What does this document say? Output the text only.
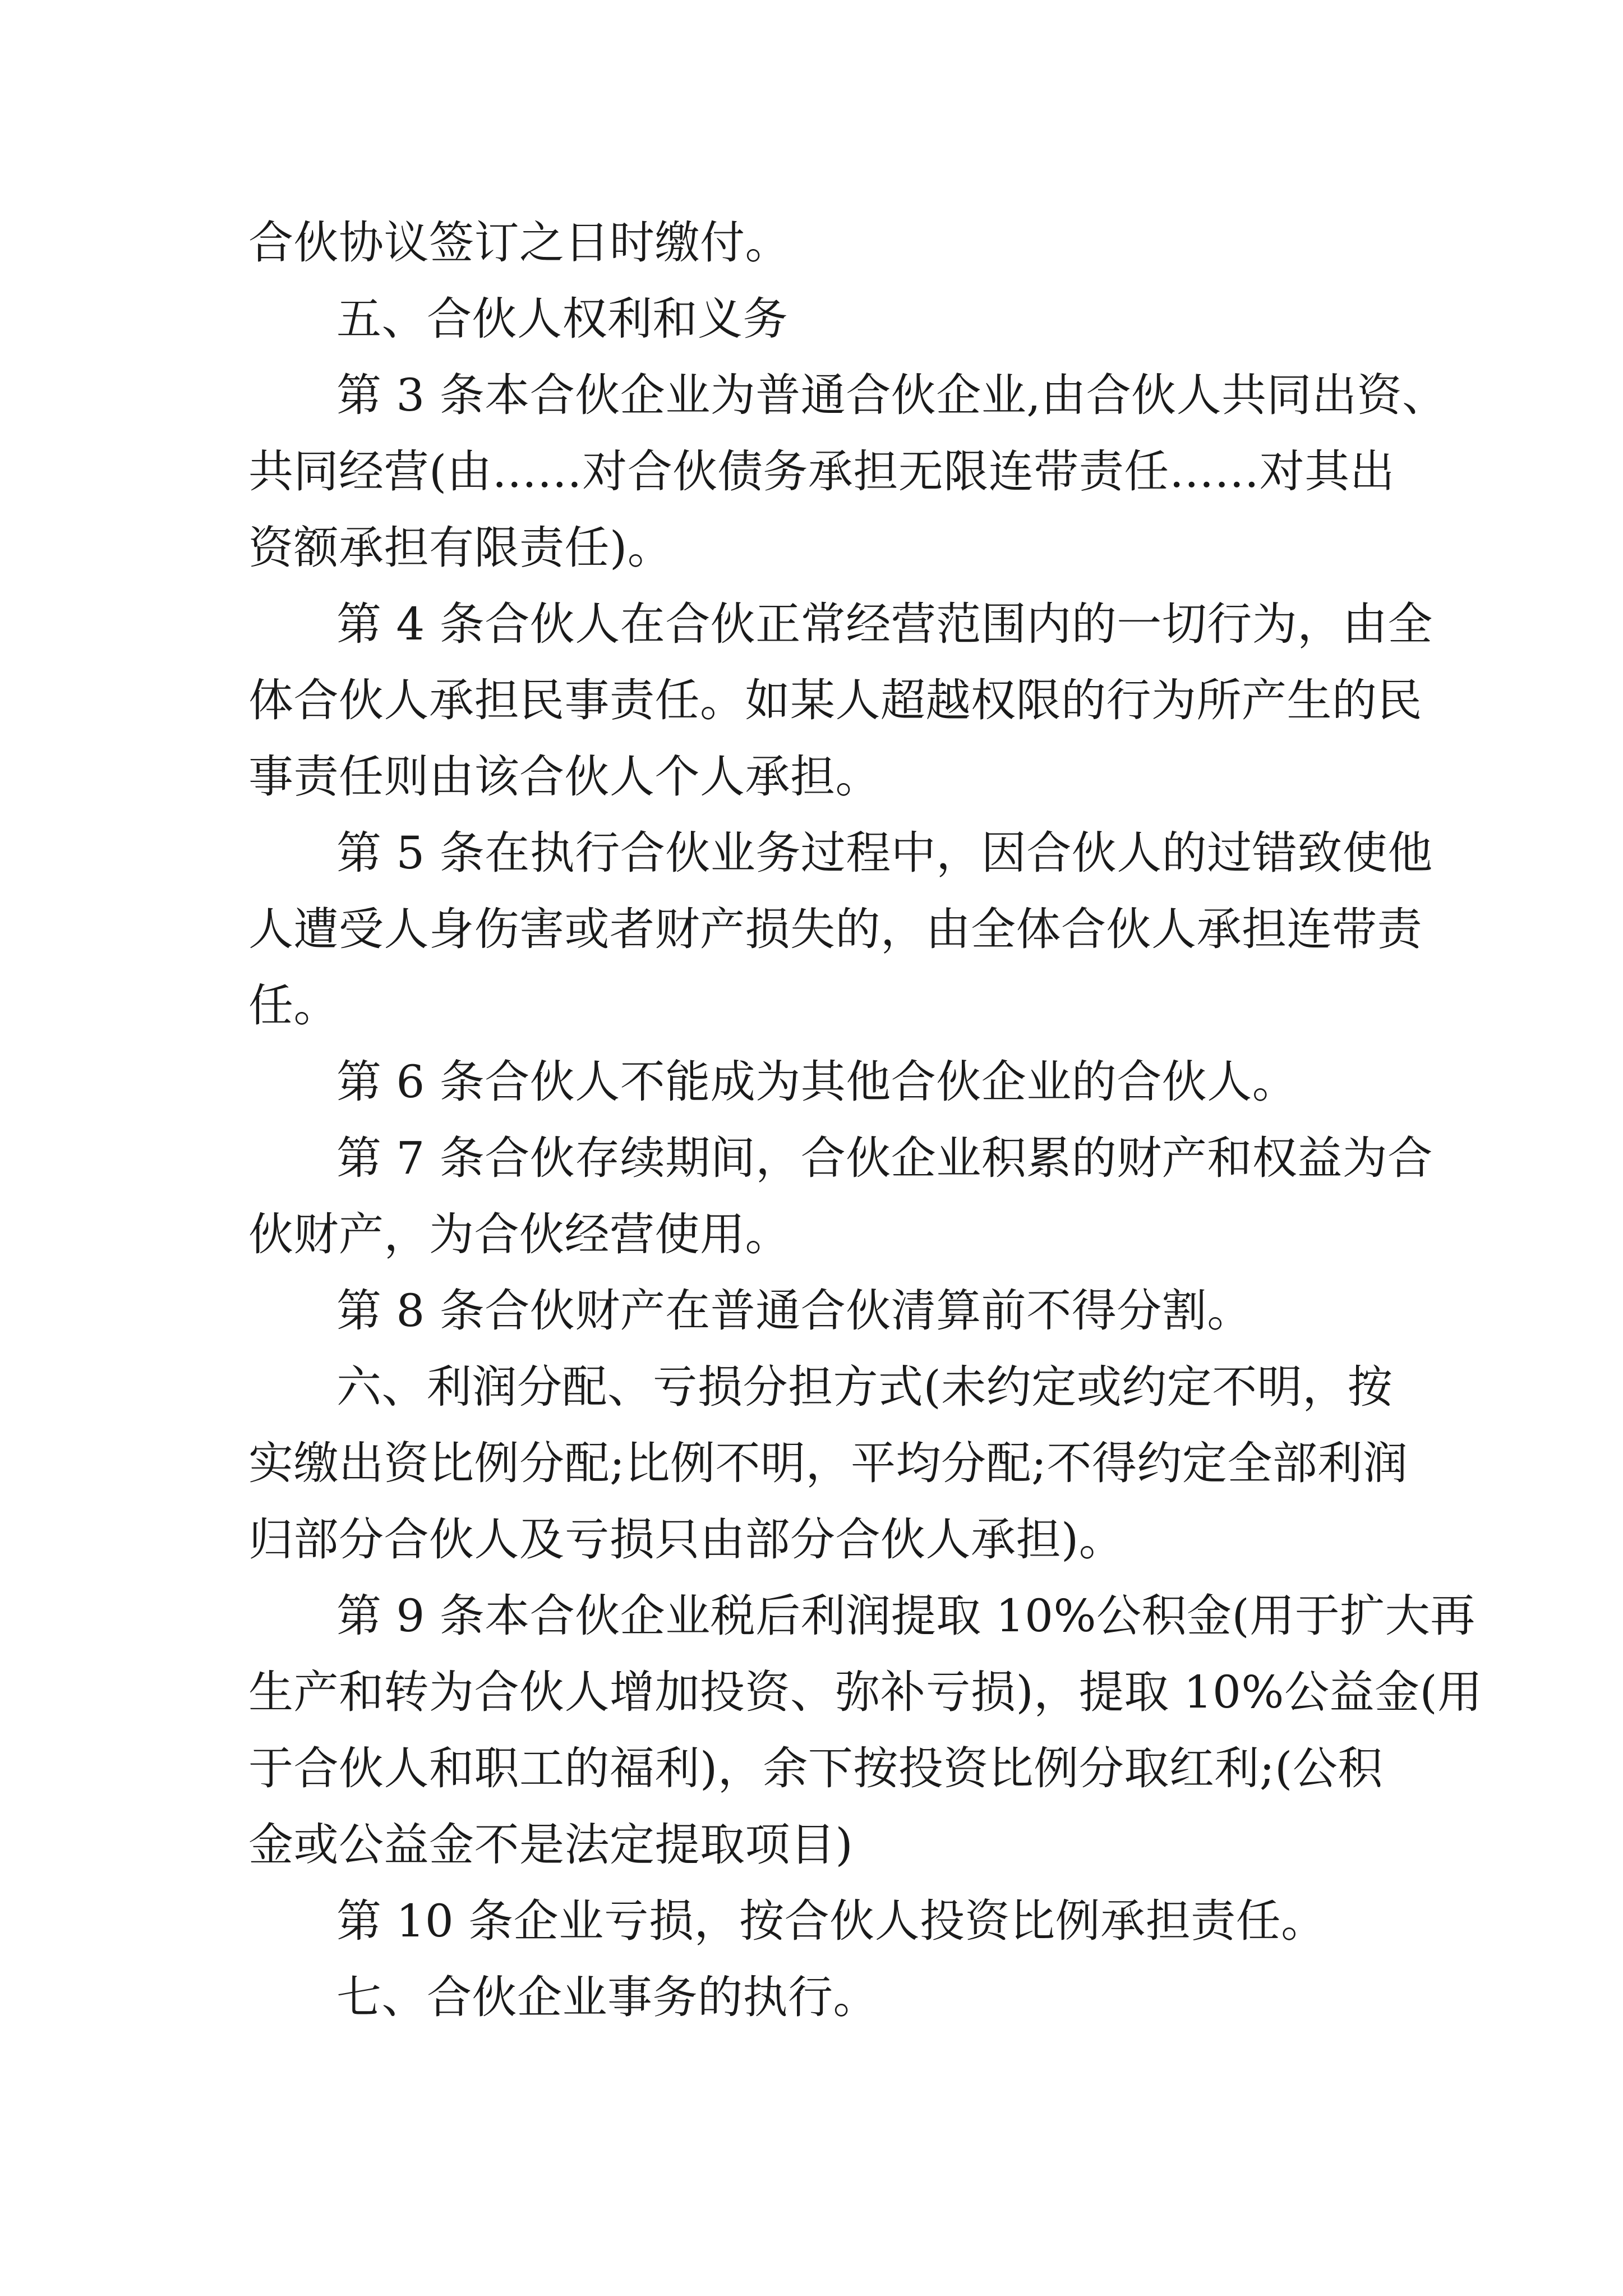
合伙协议签订之日时缴付。
五、合伙人权利和义务
第 3 条本合伙企业为普通合伙企业,由合伙人共同出资、
共同经营(由……对合伙债务承担无限连带责任……对其出
资额承担有限责任)。
第 4 条合伙人在合伙正常经营范围内的一切行为，由全
体合伙人承担民事责任。如某人超越权限的行为所产生的民
事责任则由该合伙人个人承担。
第 5 条在执行合伙业务过程中，因合伙人的过错致使他
人遭受人身伤害或者财产损失的，由全体合伙人承担连带责
任。
第 6 条合伙人不能成为其他合伙企业的合伙人。
第 7 条合伙存续期间，合伙企业积累的财产和权益为合
伙财产，为合伙经营使用。
第 8 条合伙财产在普通合伙清算前不得分割。
六、利润分配、亏损分担方式(未约定或约定不明，按
实缴出资比例分配;比例不明，平均分配;不得约定全部利润
归部分合伙人及亏损只由部分合伙人承担)。
第 9 条本合伙企业税后利润提取 10%公积金(用于扩大再
生产和转为合伙人增加投资、弥补亏损)，提取 10%公益金(用
于合伙人和职工的福利)，余下按投资比例分取红利;(公积
金或公益金不是法定提取项目)
第 10 条企业亏损，按合伙人投资比例承担责任。
七、合伙企业事务的执行。
